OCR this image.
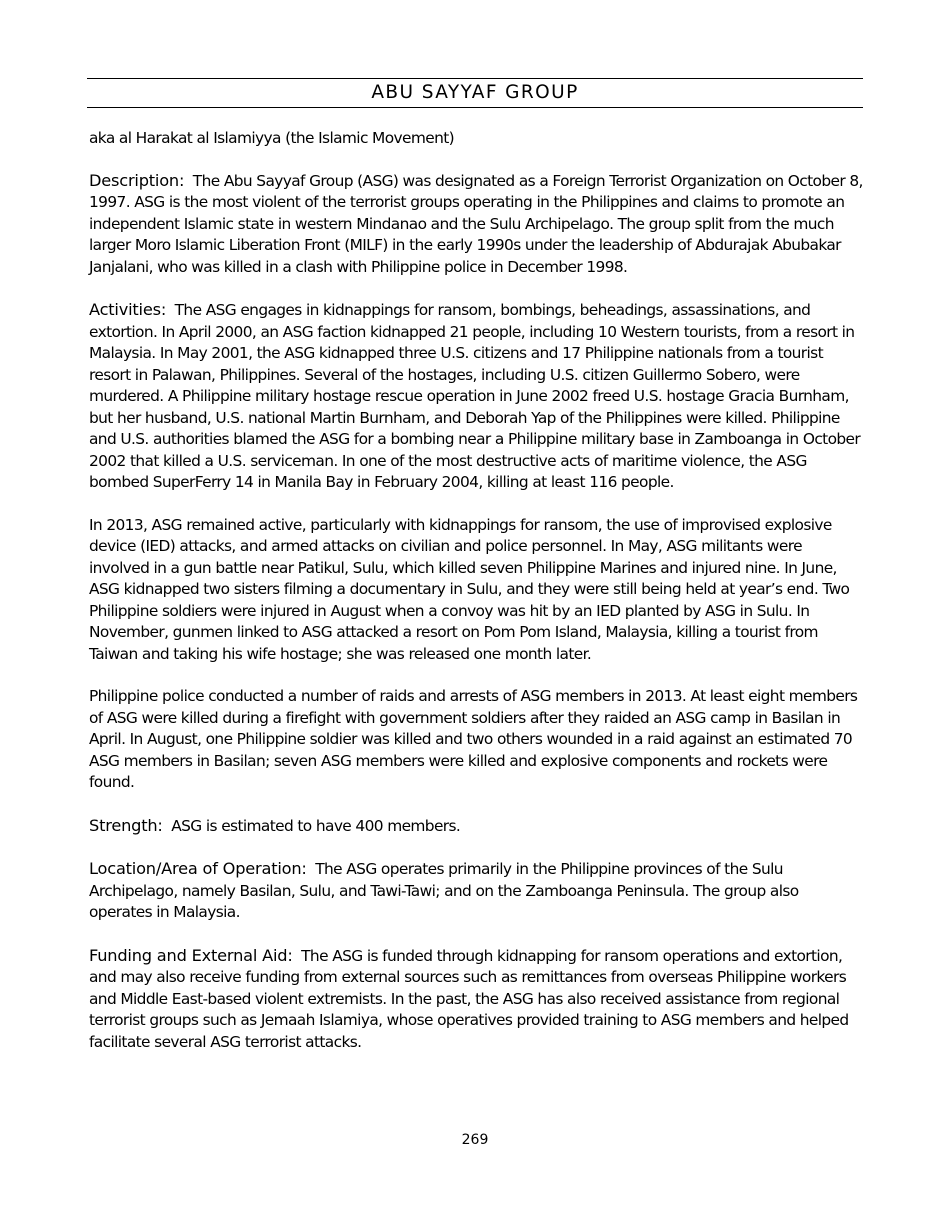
ABU SAYYAF GROUP

aka al Harakat al Islamiyya (the Islamic Movement)

Description: The Abu Sayyaf Group (ASG) was designated as a Foreign Terrorist Organization on October 8, 1997. ASG is the most violent of the terrorist groups operating in the Philippines and claims to promote an independent Islamic state in western Mindanao and the Sulu Archipelago. The group split from the much larger Moro Islamic Liberation Front (MILF) in the early 1990s under the leadership of Abdurajak Abubakar Janjalani, who was killed in a clash with Philippine police in December 1998.

Activities: The ASG engages in kidnappings for ransom, bombings, beheadings, assassinations, and extortion. In April 2000, an ASG faction kidnapped 21 people, including 10 Western tourists, from a resort in Malaysia. In May 2001, the ASG kidnapped three U.S. citizens and 17 Philippine nationals from a tourist resort in Palawan, Philippines. Several of the hostages, including U.S. citizen Guillermo Sobero, were murdered. A Philippine military hostage rescue operation in June 2002 freed U.S. hostage Gracia Burnham, but her husband, U.S. national Martin Burnham, and Deborah Yap of the Philippines were killed. Philippine and U.S. authorities blamed the ASG for a bombing near a Philippine military base in Zamboanga in October 2002 that killed a U.S. serviceman. In one of the most destructive acts of maritime violence, the ASG bombed SuperFerry 14 in Manila Bay in February 2004, killing at least 116 people.

In 2013, ASG remained active, particularly with kidnappings for ransom, the use of improvised explosive device (IED) attacks, and armed attacks on civilian and police personnel. In May, ASG militants were involved in a gun battle near Patikul, Sulu, which killed seven Philippine Marines and injured nine. In June, ASG kidnapped two sisters filming a documentary in Sulu, and they were still being held at year’s end. Two Philippine soldiers were injured in August when a convoy was hit by an IED planted by ASG in Sulu. In November, gunmen linked to ASG attacked a resort on Pom Pom Island, Malaysia, killing a tourist from Taiwan and taking his wife hostage; she was released one month later.

Philippine police conducted a number of raids and arrests of ASG members in 2013. At least eight members of ASG were killed during a firefight with government soldiers after they raided an ASG camp in Basilan in April. In August, one Philippine soldier was killed and two others wounded in a raid against an estimated 70 ASG members in Basilan; seven ASG members were killed and explosive components and rockets were found.

Strength: ASG is estimated to have 400 members.

Location/Area of Operation: The ASG operates primarily in the Philippine provinces of the Sulu Archipelago, namely Basilan, Sulu, and Tawi-Tawi; and on the Zamboanga Peninsula. The group also operates in Malaysia.

Funding and External Aid: The ASG is funded through kidnapping for ransom operations and extortion, and may also receive funding from external sources such as remittances from overseas Philippine workers and Middle East-based violent extremists. In the past, the ASG has also received assistance from regional terrorist groups such as Jemaah Islamiya, whose operatives provided training to ASG members and helped facilitate several ASG terrorist attacks.

269
